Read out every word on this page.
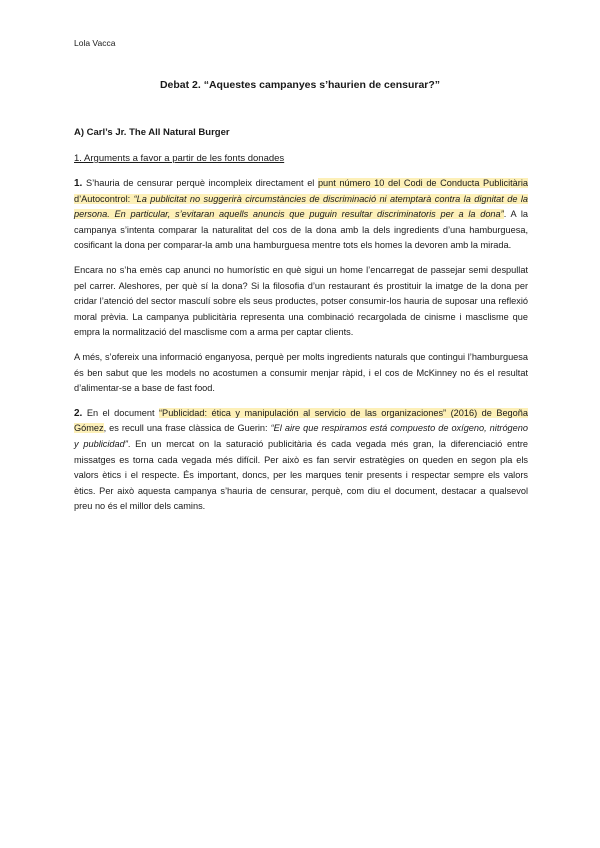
Lola Vacca
Debat 2. “Aquestes campanyes s’haurien de censurar?”
A) Carl’s Jr. The All Natural Burger
1. Arguments a favor a partir de les fonts donades

1. S’hauria de censurar perquè incompleix directament el punt número 10 del Codi de Conducta Publicitària d’Autocontrol: “La publicitat no suggerirà circumstàncies de discriminació ni atemptarà contra la dignitat de la persona. En particular, s’evitaran aquells anuncis que puguin resultar discriminatoris per a la dona”. A la campanya s’intenta comparar la naturalitat del cos de la dona amb la dels ingredients d’una hamburguesa, cosificant la dona per comparar-la amb una hamburguesa mentre tots els homes la devoren amb la mirada.

Encara no s’ha emès cap anunci no humorístic en què sigui un home l’encarregat de passejar semi despullat pel carrer. Aleshores, per què sí la dona? Si la filosofia d’un restaurant és prostituir la imatge de la dona per cridar l’atenció del sector masculí sobre els seus productes, potser consumir-los hauria de suposar una reflexió moral prèvia. La campanya publicitària representa una combinació recargolada de cinisme i masclisme que empra la normalització del masclisme com a arma per captar clients.

A més, s’ofereix una informació enganyosa, perquè per molts ingredients naturals que contingui l’hamburguesa és ben sabut que les models no acostumen a consumir menjar ràpid, i el cos de McKinney no és el resultat d’alimentar-se a base de fast food.

2. En el document “Publicidad: ética y manipulación al servicio de las organizaciones” (2016) de Begoña Gómez, es recull una frase clàssica de Guerin: “El aire que respiramos está compuesto de oxígeno, nitrógeno y publicidad”. En un mercat on la saturació publicitària és cada vegada més gran, la diferenciació entre missatges es torna cada vegada més difícil. Per això es fan servir estratègies on queden en segon pla els valors ètics i el respecte. És important, doncs, per les marques tenir presents i respectar sempre els valors ètics. Per això aquesta campanya s’hauria de censurar, perquè, com diu el document, destacar a qualsevol preu no és el millor dels camins.
